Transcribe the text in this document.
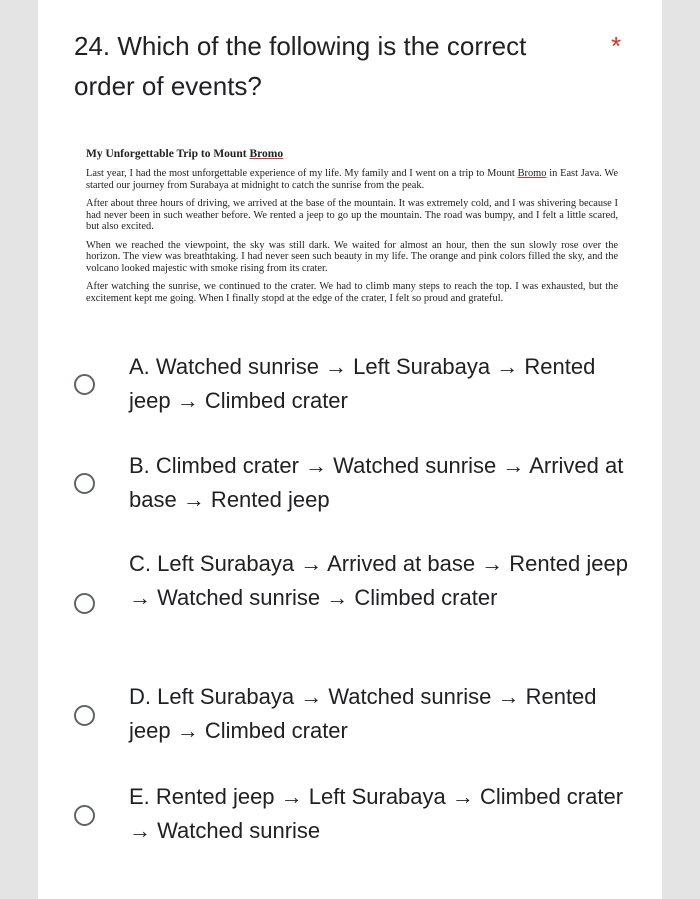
24. Which of the following is the correct order of events?
*
My Unforgettable Trip to Mount Bromo

Last year, I had the most unforgettable experience of my life. My family and I went on a trip to Mount Bromo in East Java. We started our journey from Surabaya at midnight to catch the sunrise from the peak.

After about three hours of driving, we arrived at the base of the mountain. It was extremely cold, and I was shivering because I had never been in such weather before. We rented a jeep to go up the mountain. The road was bumpy, and I felt a little scared, but also excited.

When we reached the viewpoint, the sky was still dark. We waited for almost an hour, then the sun slowly rose over the horizon. The view was breathtaking. I had never seen such beauty in my life. The orange and pink colors filled the sky, and the volcano looked majestic with smoke rising from its crater.

After watching the sunrise, we continued to the crater. We had to climb many steps to reach the top. I was exhausted, but the excitement kept me going. When I finally stopd at the edge of the crater, I felt so proud and grateful.

A. Watched sunrise → Left Surabaya → Rented jeep → Climbed crater
B. Climbed crater → Watched sunrise → Arrived at base → Rented jeep
C. Left Surabaya → Arrived at base → Rented jeep → Watched sunrise → Climbed crater
D. Left Surabaya → Watched sunrise → Rented jeep → Climbed crater
E. Rented jeep → Left Surabaya → Climbed crater → Watched sunrise
